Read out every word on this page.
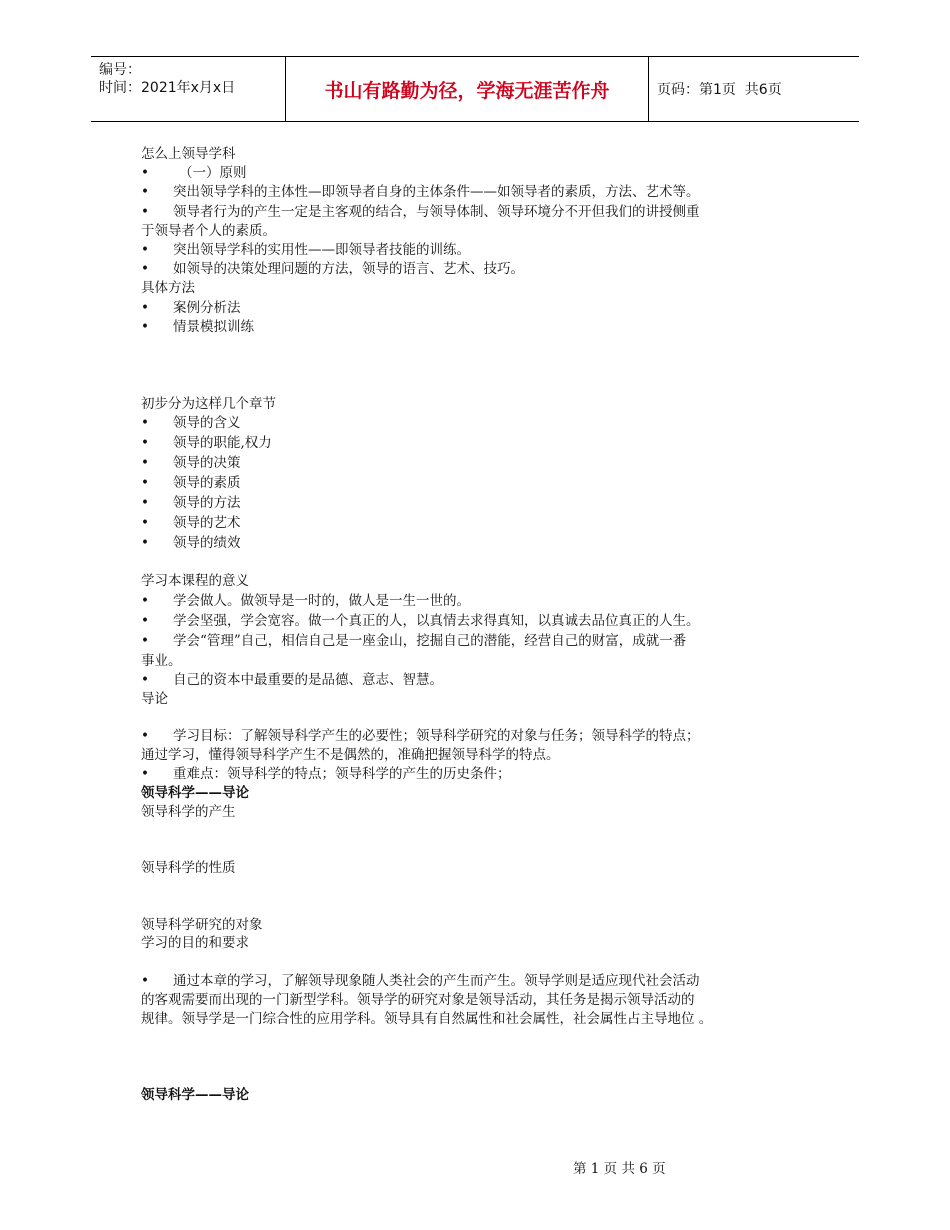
编号：
时间：2021年x月x日	书山有路勤为径，学海无涯苦作舟	页码：第1页  共6页
怎么上领导学科
• （一）原则
• 突出领导学科的主体性—即领导者自身的主体条件——如领导者的素质，方法、艺术等。
• 领导者行为的产生一定是主客观的结合，与领导体制、领导环境分不开但我们的讲授侧重
于领导者个人的素质。
• 突出领导学科的实用性——即领导者技能的训练。
• 如领导的决策处理问题的方法，领导的语言、艺术、技巧。
具体方法
• 案例分析法
• 情景模拟训练
初步分为这样几个章节
• 领导的含义
• 领导的职能,权力
• 领导的决策
• 领导的素质
• 领导的方法
• 领导的艺术
• 领导的绩效
学习本课程的意义
• 学会做人。做领导是一时的，做人是一生一世的。
• 学会坚强，学会宽容。做一个真正的人，以真情去求得真知，以真诚去品位真正的人生。
• 学会“管理”自己，相信自己是一座金山，挖掘自己的潜能，经营自己的财富，成就一番
事业。
• 自己的资本中最重要的是品德、意志、智慧。
导论
• 学习目标：了解领导科学产生的必要性；领导科学研究的对象与任务；领导科学的特点；
通过学习，懂得领导科学产生不是偶然的，准确把握领导科学的特点。
• 重难点：领导科学的特点；领导科学的产生的历史条件；
领导科学——导论
领导科学的产生
领导科学的性质
领导科学研究的对象
学习的目的和要求
• 通过本章的学习，了解领导现象随人类社会的产生而产生。领导学则是适应现代社会活动
的客观需要而出现的一门新型学科。领导学的研究对象是领导活动，其任务是揭示领导活动的
规律。领导学是一门综合性的应用学科。领导具有自然属性和社会属性，社会属性占主导地位 。
领导科学——导论
第 1 页 共 6 页
